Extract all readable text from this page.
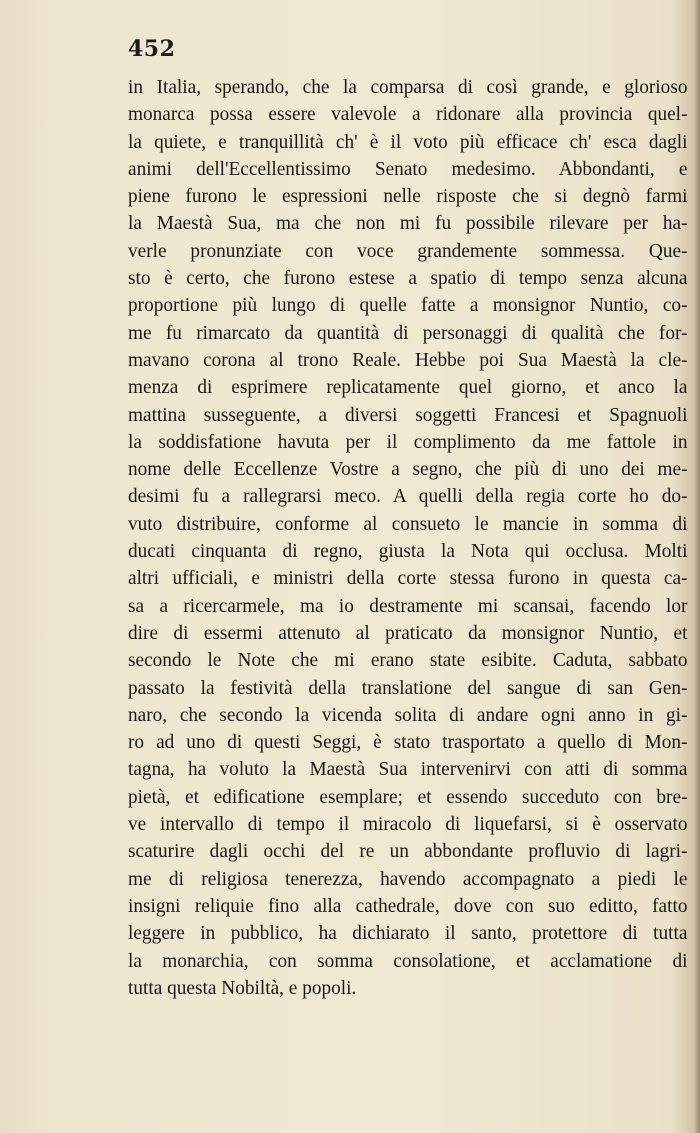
452
in Italia, sperando, che la comparsa di così grande, e glorioso
monarca possa essere valevole a ridonare alla provincia quel-
la quiete, e tranquillità ch' è il voto più efficace ch' esca dagli
animi dell'Eccellentissimo Senato medesimo. Abbondanti, e
piene furono le espressioni nelle risposte che si degnò farmi
la Maestà Sua, ma che non mi fu possibile rilevare per ha-
verle pronunziate con voce grandemente sommessa. Que-
sto è certo, che furono estese a spatio di tempo senza alcuna
proportione più lungo di quelle fatte a monsignor Nuntio, co-
me fu rimarcato da quantità di personaggi di qualità che for-
mavano corona al trono Reale. Hebbe poi Sua Maestà la cle-
menza di esprimere replicatamente quel giorno, et anco la
mattina susseguente, a diversi soggetti Francesi et Spagnuoli
la soddisfatione havuta per il complimento da me fattole in
nome delle Eccellenze Vostre a segno, che più di uno dei me-
desimi fu a rallegrarsi meco. A quelli della regia corte ho do-
vuto distribuire, conforme al consueto le mancie in somma di
ducati cinquanta di regno, giusta la Nota qui occlusa. Molti
altri ufficiali, e ministri della corte stessa furono in questa ca-
sa a ricercarmele, ma io destramente mi scansai, facendo lor
dire di essermi attenuto al praticato da monsignor Nuntio, et
secondo le Note che mi erano state esibite. Caduta, sabbato
passato la festività della translatione del sangue di san Gen-
naro, che secondo la vicenda solita di andare ogni anno in gi-
ro ad uno di questi Seggi, è stato trasportato a quello di Mon-
tagna, ha voluto la Maestà Sua intervenirvi con atti di somma
pietà, et edificatione esemplare; et essendo succeduto con bre-
ve intervallo di tempo il miracolo di liquefarsi, si è osservato
scaturire dagli occhi del re un abbondante profluvio di lagri-
me di religiosa tenerezza, havendo accompagnato a piedi le
insigni reliquie fino alla cathedrale, dove con suo editto, fatto
leggere in pubblico, ha dichiarato il santo, protettore di tutta
la monarchia, con somma consolatione, et acclamatione di
tutta questa Nobiltà, e popoli.
